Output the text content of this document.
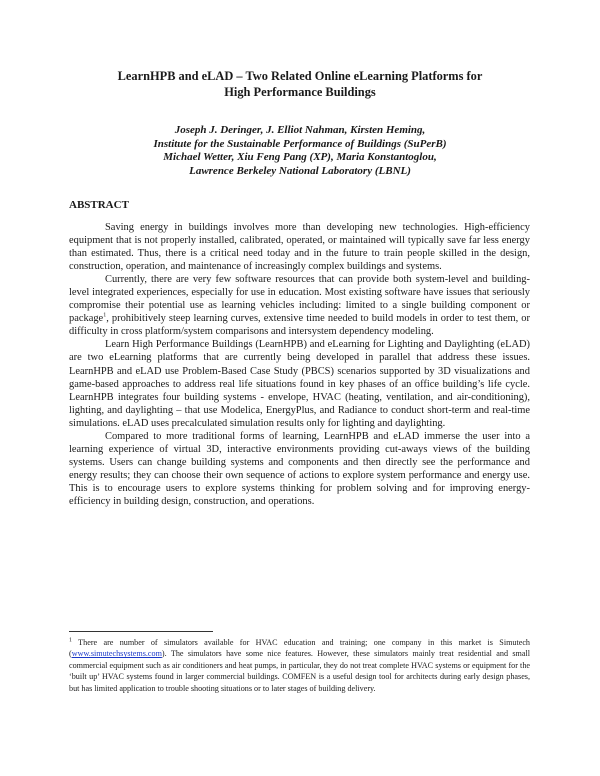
LearnHPB and eLAD – Two Related Online eLearning Platforms for
High Performance Buildings
Joseph J. Deringer, J. Elliot Nahman, Kirsten Heming,
Institute for the Sustainable Performance of Buildings (SuPerB)
Michael Wetter, Xiu Feng Pang (XP), Maria Konstantoglou,
Lawrence Berkeley National Laboratory (LBNL)
ABSTRACT

Saving energy in buildings involves more than developing new technologies. High-efficiency equipment that is not properly installed, calibrated, operated, or maintained will typically save far less energy than estimated. Thus, there is a critical need today and in the future to train people skilled in the design, construction, operation, and maintenance of increasingly complex buildings and systems.

Currently, there are very few software resources that can provide both system-level and building-level integrated experiences, especially for use in education. Most existing software have issues that seriously compromise their potential use as learning vehicles including: limited to a single building component or package$^1$, prohibitively steep learning curves, extensive time needed to build models in order to test them, or difficulty in cross platform/system comparisons and intersystem dependency modeling.

Learn High Performance Buildings (LearnHPB) and eLearning for Lighting and Daylighting (eLAD) are two eLearning platforms that are currently being developed in parallel that address these issues. LearnHPB and eLAD use Problem-Based Case Study (PBCS) scenarios supported by 3D visualizations and game-based approaches to address real life situations found in key phases of an office building’s life cycle. LearnHPB integrates four building systems - envelope, HVAC (heating, ventilation, and air-conditioning), lighting, and daylighting – that use Modelica, EnergyPlus, and Radiance to conduct short-term and real-time simulations. eLAD uses precalculated simulation results only for lighting and daylighting.

Compared to more traditional forms of learning, LearnHPB and eLAD immerse the user into a learning experience of virtual 3D, interactive environments providing cut-aways views of the building systems. Users can change building systems and components and then directly see the performance and energy results; they can choose their own sequence of actions to explore system performance and energy use. This is to encourage users to explore systems thinking for problem solving and for improving energy-efficiency in building design, construction, and operations.

$^1$ There are number of simulators available for HVAC education and training; one company in this market is Simutech (www.simutechsystems.com). The simulators have some nice features. However, these simulators mainly treat residential and small commercial equipment such as air conditioners and heat pumps, in particular, they do not treat complete HVAC systems or equipment for the ‘built up’ HVAC systems found in larger commercial buildings. COMFEN is a useful design tool for architects during early design phases, but has limited application to trouble shooting situations or to later stages of building delivery.
